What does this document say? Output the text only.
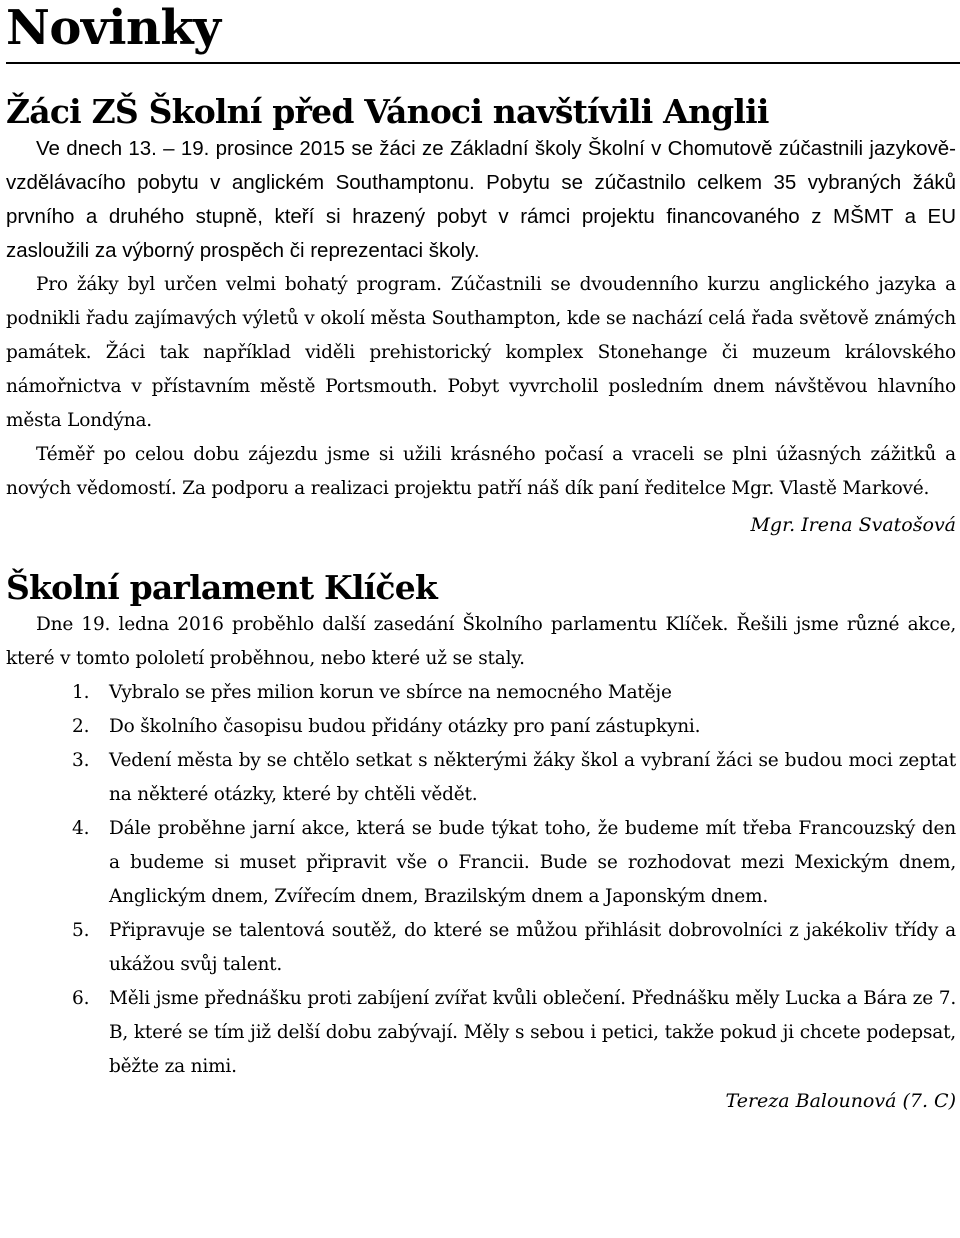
Novinky
Žáci ZŠ Školní před Vánoci navštívili Anglii

Ve dnech 13. – 19. prosince 2015 se žáci ze Základní školy Školní v Chomutově zúčastnili jazykově-vzdělávacího pobytu v anglickém Southamptonu. Pobytu se zúčastnilo celkem 35 vybraných žáků prvního a druhého stupně, kteří si hrazený pobyt v rámci projektu financovaného z MŠMT a EU zasloužili za výborný prospěch či reprezentaci školy.

Pro žáky byl určen velmi bohatý program. Zúčastnili se dvoudenního kurzu anglického jazyka a podnikli řadu zajímavých výletů v okolí města Southampton, kde se nachází celá řada světově známých památek. Žáci tak například viděli prehistorický komplex Stonehange či muzeum královského námořnictva v přístavním městě Portsmouth. Pobyt vyvrcholil posledním dnem návštěvou hlavního města Londýna.

Téměř po celou dobu zájezdu jsme si užili krásného počasí a vraceli se plni úžasných zážitků a nových vědomostí. Za podporu a realizaci projektu patří náš dík paní ředitelce Mgr. Vlastě Markové.

Mgr. Irena Svatošová
Školní parlament Klíček

Dne 19. ledna 2016 proběhlo další zasedání Školního parlamentu Klíček. Řešili jsme různé akce, které v tomto pololetí proběhnou, nebo které už se staly.

1.	Vybralo se přes milion korun ve sbírce na nemocného Matěje
2.	Do školního časopisu budou přidány otázky pro paní zástupkyni.
3.	Vedení města by se chtělo setkat s některými žáky škol a vybraní žáci se budou moci zeptat na některé otázky, které by chtěli vědět.
4.	Dále proběhne jarní akce, která se bude týkat toho, že budeme mít třeba Francouzský den a budeme si muset připravit vše o Francii. Bude se rozhodovat mezi Mexickým dnem, Anglickým dnem, Zvířecím dnem, Brazilským dnem a Japonským dnem.
5.	Připravuje se talentová soutěž, do které se můžou přihlásit dobrovolníci z jakékoliv třídy a ukážou svůj talent.
6.	Měli jsme přednášku proti zabíjení zvířat kvůli oblečení. Přednášku měly Lucka a Bára ze 7. B, které se tím již delší dobu zabývají. Měly s sebou i petici, takže pokud ji chcete podepsat, běžte za nimi.
Tereza Balounová (7. C)
